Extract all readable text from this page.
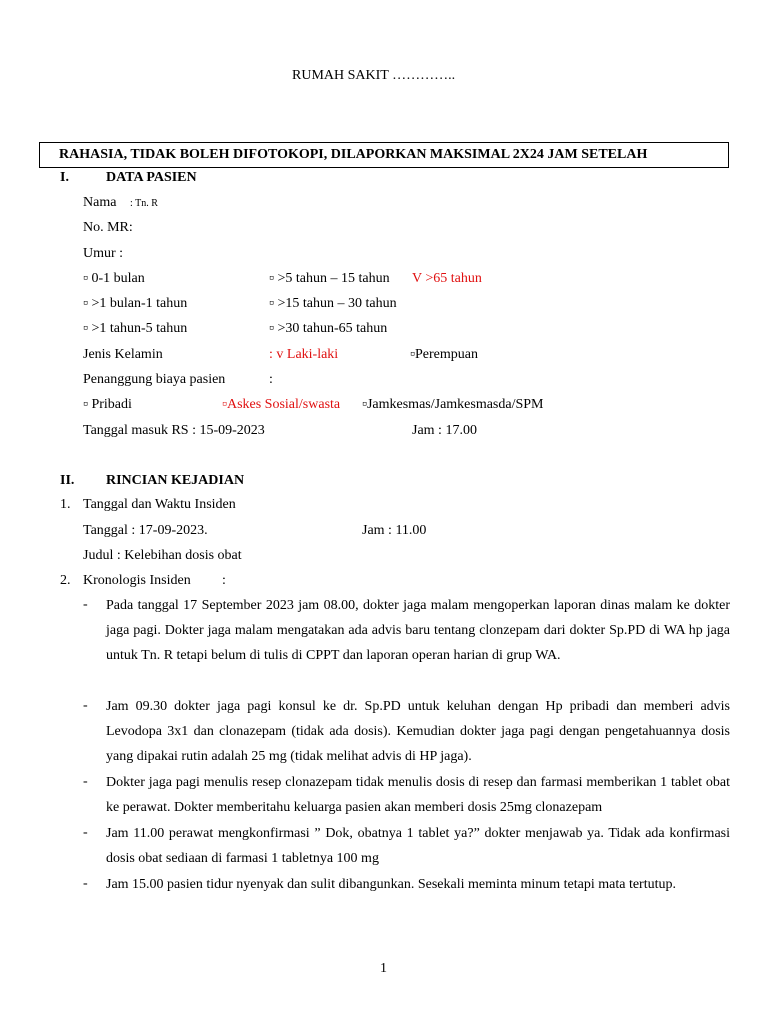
RUMAH SAKIT …………..
RAHASIA, TIDAK BOLEH DIFOTOKOPI, DILAPORKAN MAKSIMAL 2X24 JAM SETELAH
I.	DATA PASIEN
Nama : Tn. R
No. MR:
Umur :
▫ 0-1 bulan	▫ >5 tahun – 15 tahun V >65 tahun
▫ >1 bulan-1 tahun	▫ >15 tahun – 30 tahun
▫ >1 tahun-5 tahun	▫ >30 tahun-65 tahun
Jenis Kelamin	: v Laki-laki	▫Perempuan
Penanggung biaya pasien	:
▫ Pribadi	▫Askes Sosial/swasta ▫Jamkesmas/Jamkesmasda/SPM
Tanggal masuk RS : 15-09-2023	Jam : 17.00
II. RINCIAN KEJADIAN
1. Tanggal dan Waktu Insiden
Tanggal : 17-09-2023.	Jam : 11.00
Judul : Kelebihan dosis obat
2. Kronologis Insiden :
- Pada tanggal 17 September 2023 jam 08.00, dokter jaga malam mengoperkan laporan dinas malam ke dokter jaga pagi. Dokter jaga malam mengatakan ada advis baru tentang clonzepam dari dokter Sp.PD di WA hp jaga untuk Tn. R tetapi belum di tulis di CPPT dan laporan operan harian di grup WA.
- Jam 09.30 dokter jaga pagi konsul ke dr. Sp.PD untuk keluhan dengan Hp pribadi dan memberi advis Levodopa 3x1 dan clonazepam (tidak ada dosis). Kemudian dokter jaga pagi dengan pengetahuannya dosis yang dipakai rutin adalah 25 mg (tidak melihat advis di HP jaga).
- Dokter jaga pagi menulis resep clonazepam tidak menulis dosis di resep dan farmasi memberikan 1 tablet obat ke perawat. Dokter memberitahu keluarga pasien akan memberi dosis 25mg clonazepam
- Jam 11.00 perawat mengkonfirmasi ” Dok, obatnya 1 tablet ya?” dokter menjawab ya. Tidak ada konfirmasi dosis obat sediaan di farmasi 1 tabletnya 100 mg
- Jam 15.00 pasien tidur nyenyak dan sulit dibangunkan. Sesekali meminta minum tetapi mata tertutup.
1
